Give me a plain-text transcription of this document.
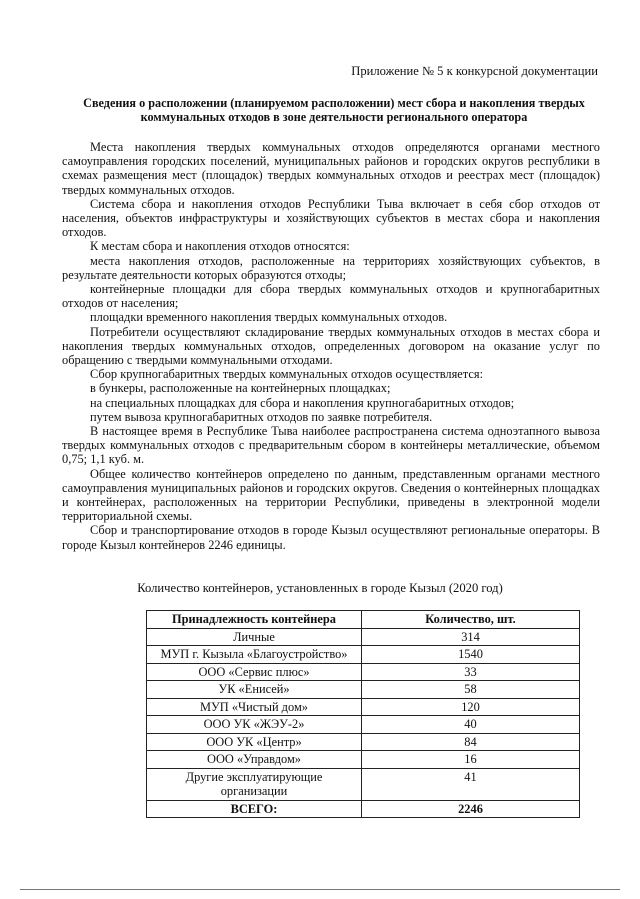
Приложение № 5 к конкурсной документации
Сведения о расположении (планируемом расположении) мест сбора и накопления твердых коммунальных отходов в зоне деятельности регионального оператора

Места накопления твердых коммунальных отходов определяются органами местного самоуправления городских поселений, муниципальных районов и городских округов республики в схемах размещения мест (площадок) твердых коммунальных отходов и реестрах мест (площадок) твердых коммунальных отходов.

Система сбора и накопления отходов Республики Тыва включает в себя сбор отходов от населения, объектов инфраструктуры и хозяйствующих субъектов в местах сбора и накопления отходов.

К местам сбора и накопления отходов относятся:

места накопления отходов, расположенные на территориях хозяйствующих субъектов, в результате деятельности которых образуются отходы;

контейнерные площадки для сбора твердых коммунальных отходов и крупногабаритных отходов от населения;

площадки временного накопления твердых коммунальных отходов.

Потребители осуществляют складирование твердых коммунальных отходов в местах сбора и накопления твердых коммунальных отходов, определенных договором на оказание услуг по обращению с твердыми коммунальными отходами.

Сбор крупногабаритных твердых коммунальных отходов осуществляется:

в бункеры, расположенные на контейнерных площадках;

на специальных площадках для сбора и накопления крупногабаритных отходов;

путем вывоза крупногабаритных отходов по заявке потребителя.

В настоящее время в Республике Тыва наиболее распространена система одноэтапного вывоза твердых коммунальных отходов с предварительным сбором в контейнеры металлические, объемом 0,75; 1,1 куб. м.

Общее количество контейнеров определено по данным, представленным органами местного самоуправления муниципальных районов и городских округов. Сведения о контейнерных площадках и контейнерах, расположенных на территории Республики, приведены в электронной модели территориальной схемы.

Сбор и транспортирование отходов в городе Кызыл осуществляют региональные операторы. В городе Кызыл контейнеров 2246 единицы.

Количество контейнеров, установленных в городе Кызыл (2020 год)
Принадлежность контейнера	Количество, шт.
Личные	314
МУП г. Кызыла «Благоустройство»	1540
ООО «Сервис плюс»	33
УК «Енисей»	58
МУП «Чистый дом»	120
ООО УК «ЖЭУ-2»	40
ООО УК «Центр»	84
ООО «Управдом»	16
Другие эксплуатирующие организации	41
ВСЕГО:	2246
